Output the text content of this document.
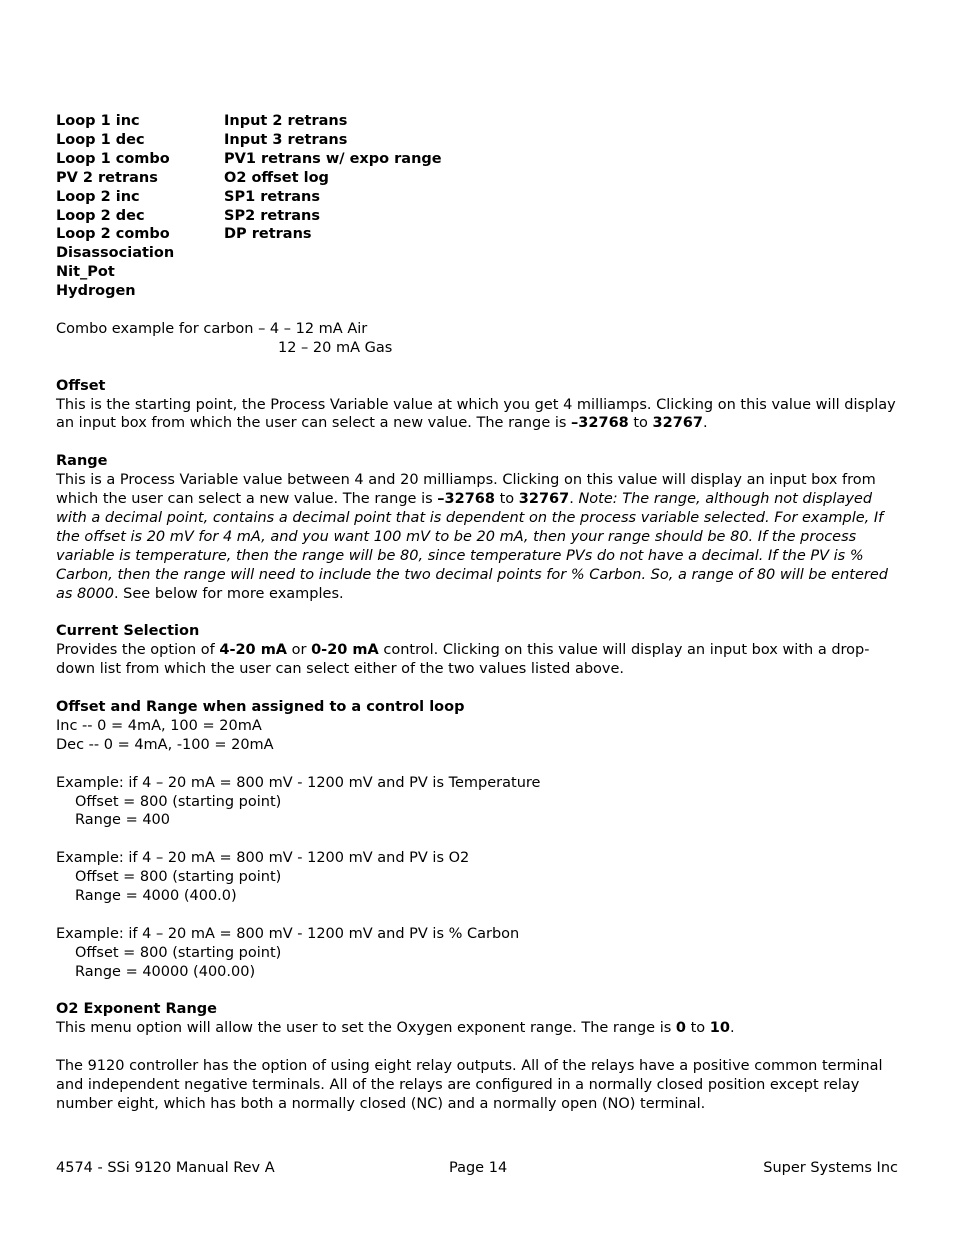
Loop 1 inc
Loop 1 dec
Loop 1 combo
PV 2 retrans
Loop 2 inc
Loop 2 dec
Loop 2 combo
Disassociation
Nit_Pot
Hydrogen
Input 2 retrans
Input 3 retrans
PV1 retrans w/ expo range
O2 offset log
SP1 retrans
SP2 retrans
DP retrans

Combo example for carbon – 4 – 12 mA Air

12 – 20 mA Gas

Offset

This is the starting point, the Process Variable value at which you get 4 milliamps. Clicking on this value will display an input box from which the user can select a new value. The range is –32768 to 32767.

Range

This is a Process Variable value between 4 and 20 milliamps. Clicking on this value will display an input box from which the user can select a new value. The range is –32768 to 32767. Note: The range, although not displayed with a decimal point, contains a decimal point that is dependent on the process variable selected. For example, If the offset is 20 mV for 4 mA, and you want 100 mV to be 20 mA, then your range should be 80. If the process variable is temperature, then the range will be 80, since temperature PVs do not have a decimal. If the PV is % Carbon, then the range will need to include the two decimal points for % Carbon. So, a range of 80 will be entered as 8000. See below for more examples.

Current Selection

Provides the option of 4-20 mA or 0-20 mA control. Clicking on this value will display an input box with a drop-down list from which the user can select either of the two values listed above.

Offset and Range when assigned to a control loop

Inc -- 0 = 4mA, 100 = 20mA

Dec -- 0 = 4mA, -100 = 20mA

Example: if 4 – 20 mA = 800 mV - 1200 mV and PV is Temperature

Offset = 800 (starting point)

Range = 400

Example: if 4 – 20 mA = 800 mV - 1200 mV and PV is O2

Offset = 800 (starting point)

Range = 4000 (400.0)

Example: if 4 – 20 mA = 800 mV - 1200 mV and PV is % Carbon

Offset = 800 (starting point)

Range = 40000 (400.00)

O2 Exponent Range

This menu option will allow the user to set the Oxygen exponent range. The range is 0 to 10.

The 9120 controller has the option of using eight relay outputs. All of the relays have a positive common terminal and independent negative terminals. All of the relays are configured in a normally closed position except relay number eight, which has both a normally closed (NC) and a normally open (NO) terminal.

4574 - SSi 9120 Manual Rev A	Page 14	Super Systems Inc
